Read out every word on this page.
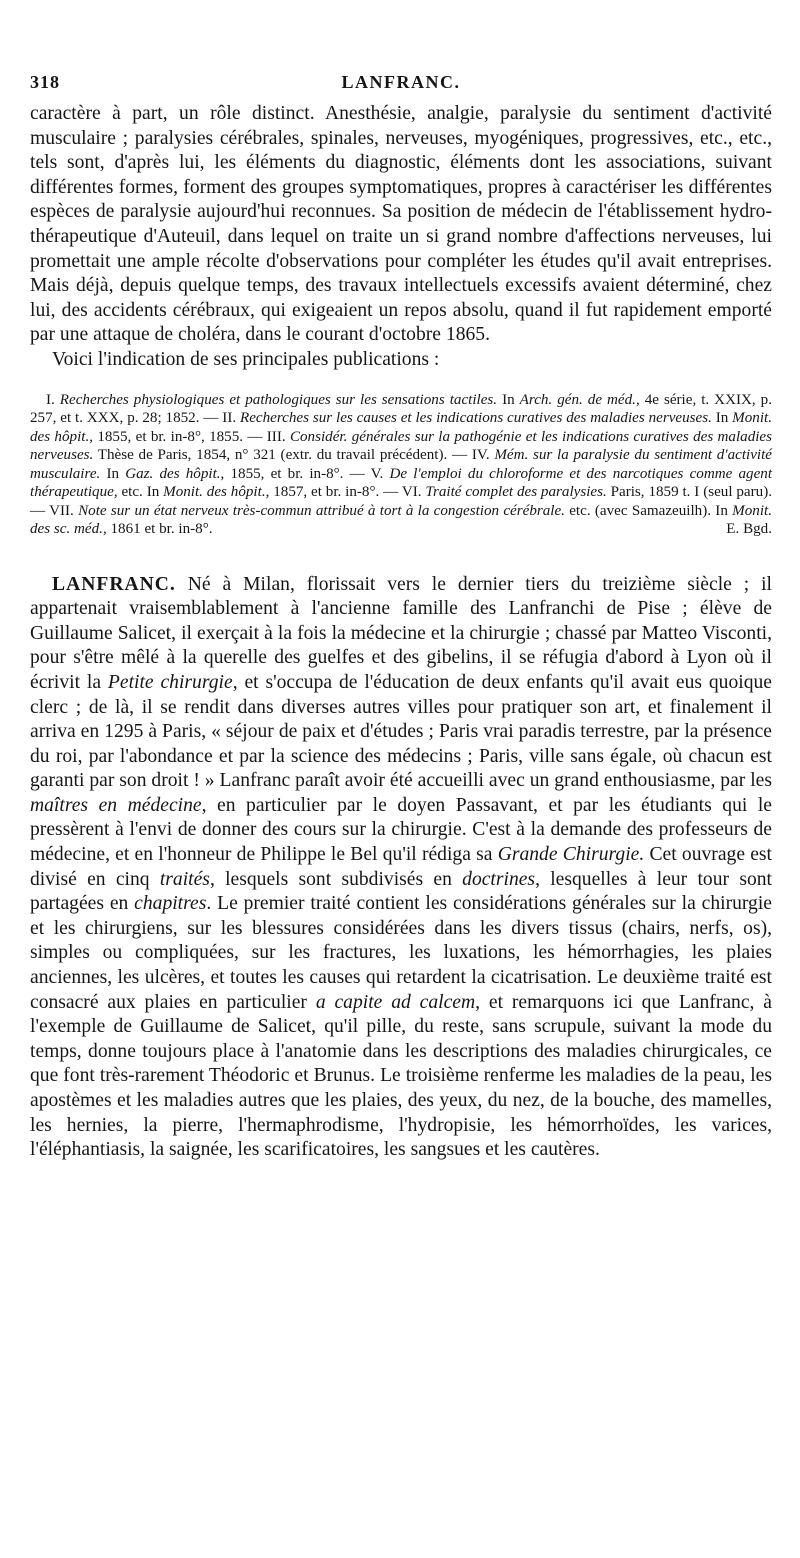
318	LANFRANC.

caractère à part, un rôle distinct. Anesthésie, analgie, paralysie du sentiment d'activité musculaire ; paralysies cérébrales, spinales, nerveuses, myogéniques, progressives, etc., etc., tels sont, d'après lui, les éléments du diagnostic, éléments dont les associations, suivant différentes formes, forment des groupes symptomatiques, propres à caractériser les différentes espèces de paralysie aujourd'hui reconnues. Sa position de médecin de l'établissement hydro-thérapeutique d'Auteuil, dans lequel on traite un si grand nombre d'affections nerveuses, lui promettait une ample récolte d'observations pour compléter les études qu'il avait entreprises. Mais déjà, depuis quelque temps, des travaux intellectuels excessifs avaient déterminé, chez lui, des accidents cérébraux, qui exigeaient un repos absolu, quand il fut rapidement emporté par une attaque de choléra, dans le courant d'octobre 1865.

Voici l'indication de ses principales publications :

I. Recherches physiologiques et pathologiques sur les sensations tactiles. In Arch. gén. de méd., 4e série, t. XXIX, p. 257, et t. XXX, p. 28; 1852. — II. Recherches sur les causes et les indications curatives des maladies nerveuses. In Monit. des hôpit., 1855, et br. in-8°, 1855. — III. Considér. générales sur la pathogénie et les indications curatives des maladies nerveuses. Thèse de Paris, 1854, n° 321 (extr. du travail précédent). — IV. Mém. sur la paralysie du sentiment d'activité musculaire. In Gaz. des hôpit., 1855, et br. in-8°. — V. De l'emploi du chloroforme et des narcotiques comme agent thérapeutique, etc. In Monit. des hôpit., 1857, et br. in-8°. — VI. Traité complet des paralysies. Paris, 1859 t. I (seul paru). — VII. Note sur un état nerveux très-commun attribué à tort à la congestion cérébrale. etc. (avec Samazeuilh). In Monit. des sc. méd., 1861 et br. in-8°.	E. Bgd.

LANFRANC. Né à Milan, florissait vers le dernier tiers du treizième siècle ; il appartenait vraisemblablement à l'ancienne famille des Lanfranchi de Pise ; élève de Guillaume Salicet, il exerçait à la fois la médecine et la chirurgie ; chassé par Matteo Visconti, pour s'être mêlé à la querelle des guelfes et des gibelins, il se réfugia d'abord à Lyon où il écrivit la Petite chirurgie, et s'occupa de l'éducation de deux enfants qu'il avait eus quoique clerc ; de là, il se rendit dans diverses autres villes pour pratiquer son art, et finalement il arriva en 1295 à Paris, « séjour de paix et d'études ; Paris vrai paradis terrestre, par la présence du roi, par l'abondance et par la science des médecins ; Paris, ville sans égale, où chacun est garanti par son droit ! » Lanfranc paraît avoir été accueilli avec un grand enthousiasme, par les maîtres en médecine, en particulier par le doyen Passavant, et par les étudiants qui le pressèrent à l'envi de donner des cours sur la chirurgie. C'est à la demande des professeurs de médecine, et en l'honneur de Philippe le Bel qu'il rédiga sa Grande Chirurgie. Cet ouvrage est divisé en cinq traités, lesquels sont subdivisés en doctrines, lesquelles à leur tour sont partagées en chapitres. Le premier traité contient les considérations générales sur la chirurgie et les chirurgiens, sur les blessures considérées dans les divers tissus (chairs, nerfs, os), simples ou compliquées, sur les fractures, les luxations, les hémorrhagies, les plaies anciennes, les ulcères, et toutes les causes qui retardent la cicatrisation. Le deuxième traité est consacré aux plaies en particulier a capite ad calcem, et remarquons ici que Lanfranc, à l'exemple de Guillaume de Salicet, qu'il pille, du reste, sans scrupule, suivant la mode du temps, donne toujours place à l'anatomie dans les descriptions des maladies chirurgicales, ce que font très-rarement Théodoric et Brunus. Le troisième renferme les maladies de la peau, les apostèmes et les maladies autres que les plaies, des yeux, du nez, de la bouche, des mamelles, les hernies, la pierre, l'hermaphrodisme, l'hydropisie, les hémorrhoïdes, les varices, l'éléphantiasis, la saignée, les scarificatoires, les sangsues et les cautères.
